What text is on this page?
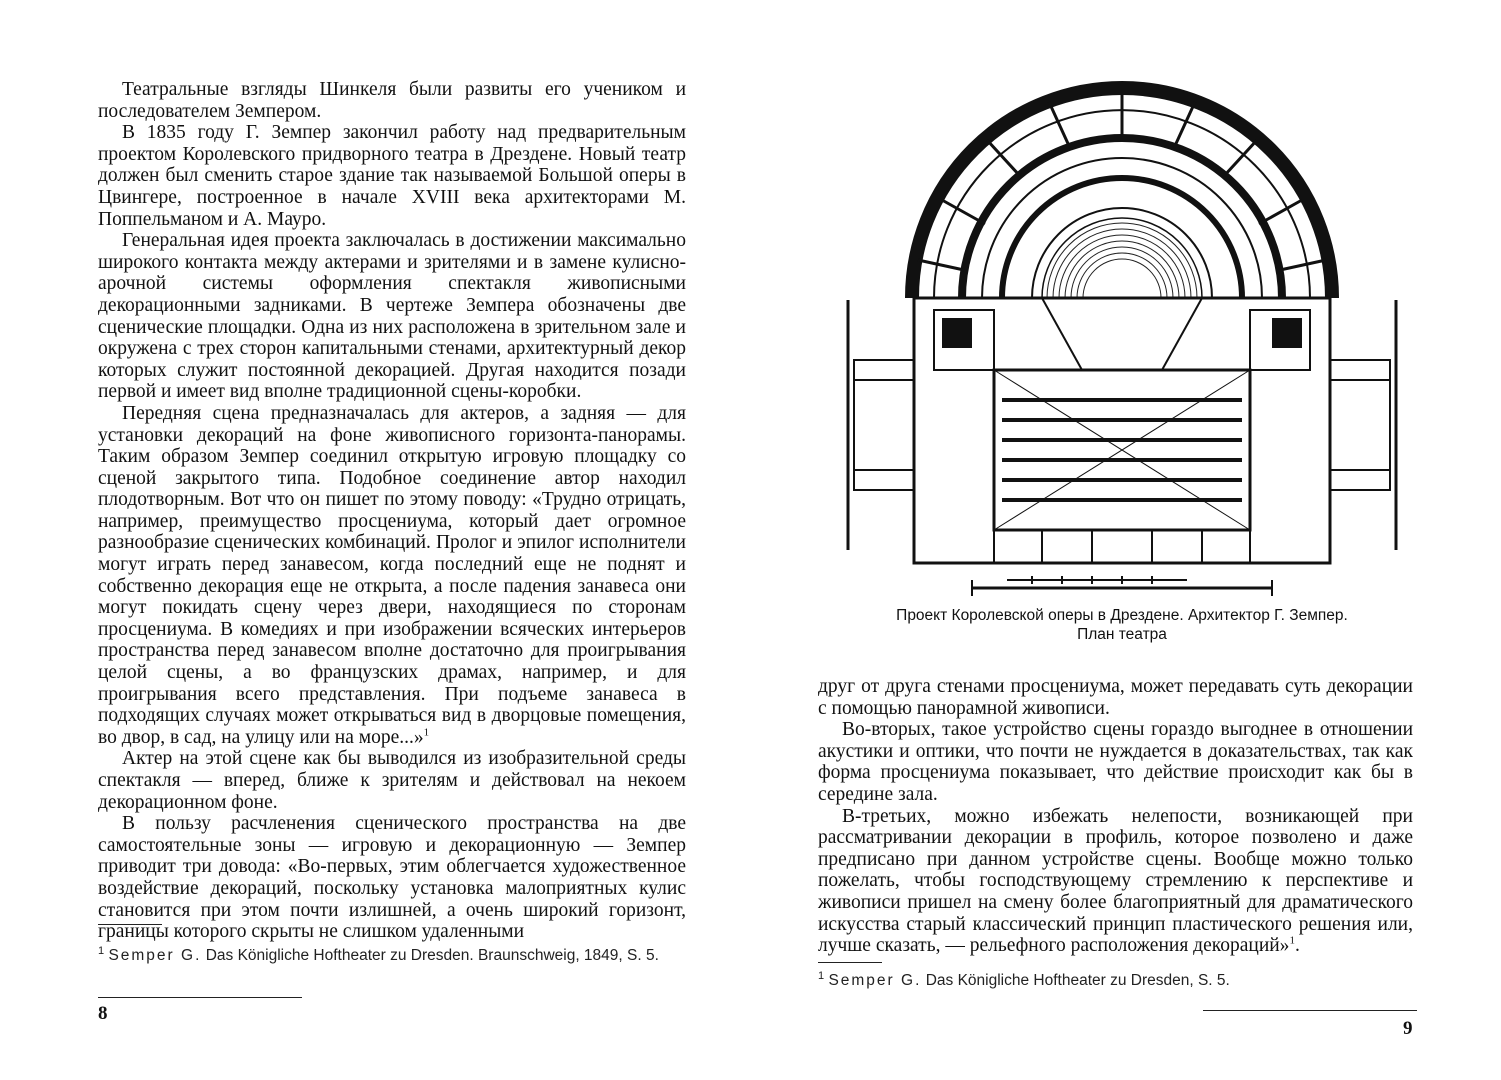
Театральные взгляды Шинкеля были развиты его учеником и последователем Земпером.

В 1835 году Г. Земпер закончил работу над предварительным проектом Королевского придворного театра в Дрездене. Новый театр должен был сменить старое здание так называемой Большой оперы в Цвингере, построенное в начале XVIII века архитекторами М. Поппельманом и А. Мауро.

Генеральная идея проекта заключалась в достижении максимально широкого контакта между актерами и зрителями и в замене кулисно-арочной системы оформления спектакля живописными декорационными задниками. В чертеже Земпера обозначены две сценические площадки. Одна из них расположена в зрительном зале и окружена с трех сторон капитальными стенами, архитектурный декор которых служит постоянной декорацией. Другая находится позади первой и имеет вид вполне традиционной сцены-коробки.

Передняя сцена предназначалась для актеров, а задняя — для установки декораций на фоне живописного горизонта-панорамы. Таким образом Земпер соединил открытую игровую площадку со сценой закрытого типа. Подобное соединение автор находил плодотворным. Вот что он пишет по этому поводу: «Трудно отрицать, например, преимущество просцениума, который дает огромное разнообразие сценических комбинаций. Пролог и эпилог исполнители могут играть перед занавесом, когда последний еще не поднят и собственно декорация еще не открыта, а после падения занавеса они могут покидать сцену через двери, находящиеся по сторонам просцениума. В комедиях и при изображении всяческих интерьеров пространства перед занавесом вполне достаточно для проигрывания целой сцены, а во французских драмах, например, и для проигрывания всего представления. При подъеме занавеса в подходящих случаях может открываться вид в дворцовые помещения, во двор, в сад, на улицу или на море...»$^1$

Актер на этой сцене как бы выводился из изобразительной среды спектакля — вперед, ближе к зрителям и действовал на некоем декорационном фоне.

В пользу расчленения сценического пространства на две самостоятельные зоны — игровую и декорационную — Земпер приводит три довода: «Во-первых, этим облегчается художественное воздействие декораций, поскольку установка малоприятных кулис становится при этом почти излишней, а очень широкий горизонт, границы которого скрыты не слишком удаленными

$^1$ Semper G. Das Königliche Hoftheater zu Dresden. Braunschweig, 1849, S. 5.
8
Проект Королевской оперы в Дрездене. Архитектор Г. Земпер.
План театра

друг от друга стенами просцениума, может передавать суть декорации с помощью панорамной живописи.

Во-вторых, такое устройство сцены гораздо выгоднее в отношении акустики и оптики, что почти не нуждается в доказательствах, так как форма просцениума показывает, что действие происходит как бы в середине зала.

В-третьих, можно избежать нелепости, возникающей при рассматривании декорации в профиль, которое позволено и даже предписано при данном устройстве сцены. Вообще можно только пожелать, чтобы господствующему стремлению к перспективе и живописи пришел на смену более благоприятный для драматического искусства старый классический принцип пластического решения или, лучше сказать, — рельефного расположения декораций»$^1$.

$^1$ Semper G. Das Königliche Hoftheater zu Dresden, S. 5.
9
